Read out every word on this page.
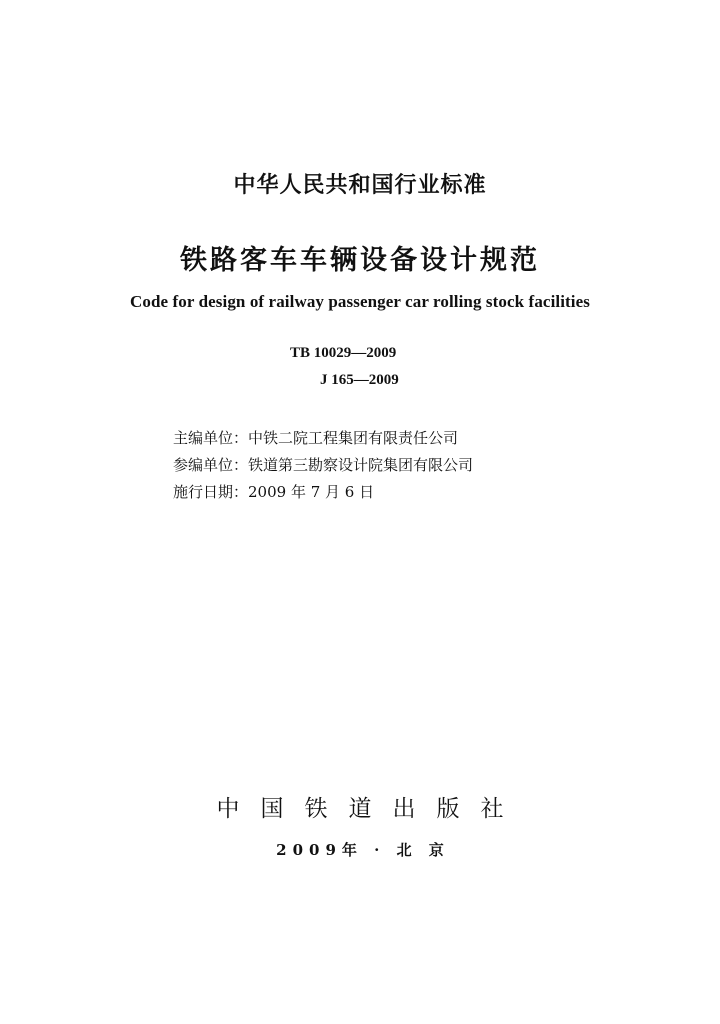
中华人民共和国行业标准
铁路客车车辆设备设计规范
Code for design of railway passenger car rolling stock facilities
TB 10029—2009
J 165—2009
主编单位： 中铁二院工程集团有限责任公司
参编单位： 铁道第三勘察设计院集团有限公司
施行日期： 2009 年 7 月 6 日
中国铁道出版社
2009年 · 北 京
